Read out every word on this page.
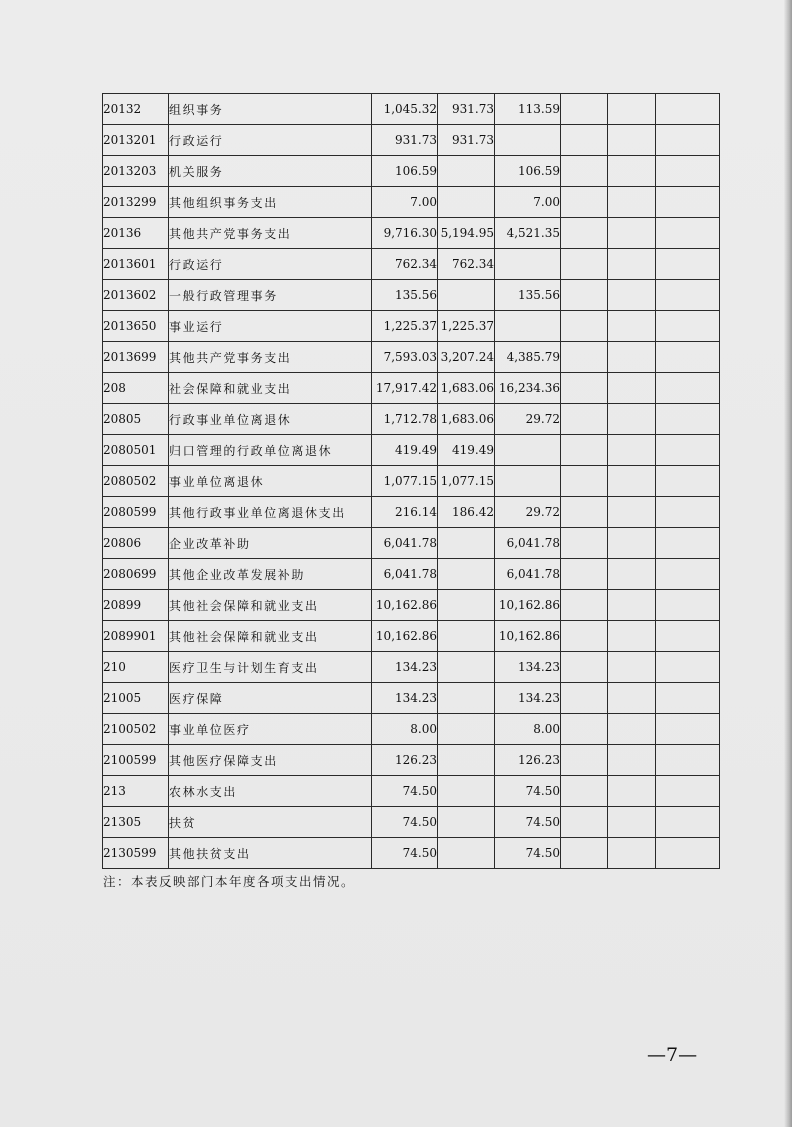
20132	组织事务	1,045.32	931.73	113.59			
2013201	行政运行	931.73	931.73				
2013203	机关服务	106.59		106.59			
2013299	其他组织事务支出	7.00		7.00			
20136	其他共产党事务支出	9,716.30	5,194.95	4,521.35			
2013601	行政运行	762.34	762.34				
2013602	一般行政管理事务	135.56		135.56			
2013650	事业运行	1,225.37	1,225.37				
2013699	其他共产党事务支出	7,593.03	3,207.24	4,385.79			
208	社会保障和就业支出	17,917.42	1,683.06	16,234.36			
20805	行政事业单位离退休	1,712.78	1,683.06	29.72			
2080501	归口管理的行政单位离退休	419.49	419.49				
2080502	事业单位离退休	1,077.15	1,077.15				
2080599	其他行政事业单位离退休支出	216.14	186.42	29.72			
20806	企业改革补助	6,041.78		6,041.78			
2080699	其他企业改革发展补助	6,041.78		6,041.78			
20899	其他社会保障和就业支出	10,162.86		10,162.86			
2089901	其他社会保障和就业支出	10,162.86		10,162.86			
210	医疗卫生与计划生育支出	134.23		134.23			
21005	医疗保障	134.23		134.23			
2100502	事业单位医疗	8.00		8.00			
2100599	其他医疗保障支出	126.23		126.23			
213	农林水支出	74.50		74.50			
21305	扶贫	74.50		74.50			
2130599	其他扶贫支出	74.50		74.50			
注：本表反映部门本年度各项支出情况。
—7—
